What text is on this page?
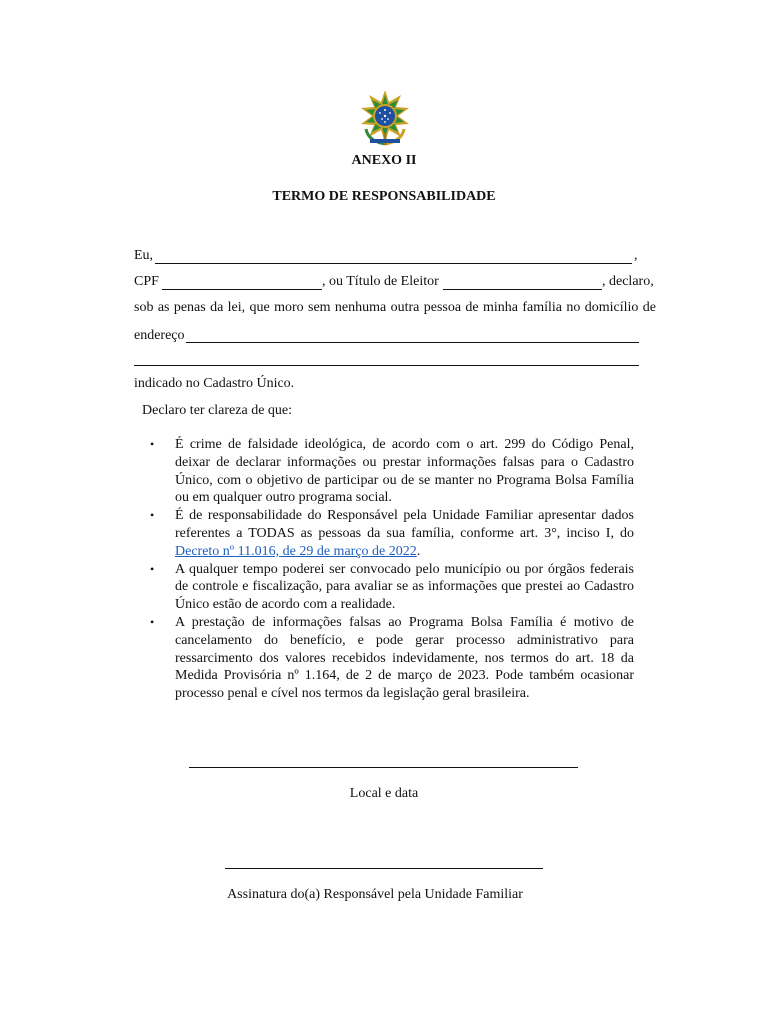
ANEXO II
TERMO DE RESPONSABILIDADE
Eu,	,
CPF	, ou Título de Eleitor	, declaro,
sob as penas da lei, que moro sem nenhuma outra pessoa de minha família no domicílio de
endereço
indicado no Cadastro Único.
Declaro ter clareza de que:
• É crime de falsidade ideológica, de acordo com o art. 299 do Código Penal,
deixar de declarar informações ou prestar informações falsas para o Cadastro
Único, com o objetivo de participar ou de se manter no Programa Bolsa Família
ou em qualquer outro programa social.
• É de responsabilidade do Responsável pela Unidade Familiar apresentar dados
referentes a TODAS as pessoas da sua família, conforme art. 3°, inciso I, do
Decreto nº 11.016, de 29 de março de 2022.
• A qualquer tempo poderei ser convocado pelo município ou por órgãos federais
de controle e fiscalização, para avaliar se as informações que prestei ao Cadastro
Único estão de acordo com a realidade.
• A prestação de informações falsas ao Programa Bolsa Família é motivo de
cancelamento do benefício, e pode gerar processo administrativo para
ressarcimento dos valores recebidos indevidamente, nos termos do art. 18 da
Medida Provisória nº 1.164, de 2 de março de 2023. Pode também ocasionar
processo penal e cível nos termos da legislação geral brasileira.
Local e data
Assinatura do(a) Responsável pela Unidade Familiar
